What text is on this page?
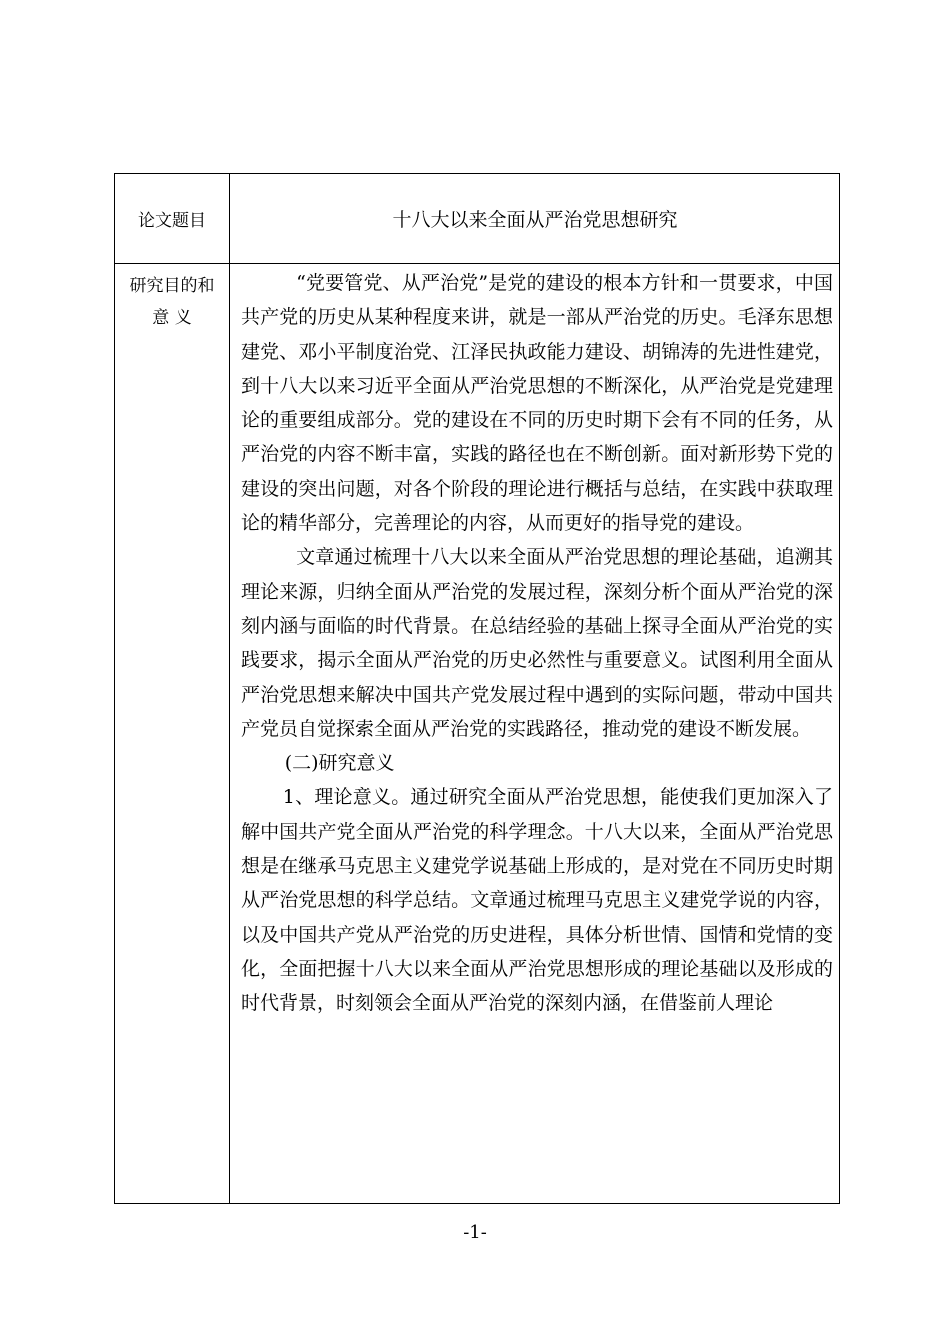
论文题目	十八大以来全面从严治党思想研究
研究目的和
意 义

“党要管党、从严治党”是党的建设的根本方针和一贯要求，中国共产党的历史从某种程度来讲，就是一部从严治党的历史。毛泽东思想建党、邓小平制度治党、江泽民执政能力建设、胡锦涛的先进性建党，到十八大以来习近平全面从严治党思想的不断深化，从严治党是党建理论的重要组成部分。党的建设在不同的历史时期下会有不同的任务，从严治党的内容不断丰富，实践的路径也在不断创新。面对新形势下党的建设的突出问题，对各个阶段的理论进行概括与总结，在实践中获取理论的精华部分，完善理论的内容，从而更好的指导党的建设。

文章通过梳理十八大以来全面从严治党思想的理论基础，追溯其理论来源，归纳全面从严治党的发展过程，深刻分析个面从严治党的深刻内涵与面临的时代背景。在总结经验的基础上探寻全面从严治党的实践要求，揭示全面从严治党的历史必然性与重要意义。试图利用全面从严治党思想来解决中国共产党发展过程中遇到的实际问题，带动中国共产党员自觉探索全面从严治党的实践路径，推动党的建设不断发展。

(二)研究意义

1、理论意义。通过研究全面从严治党思想，能使我们更加深入了解中国共产党全面从严治党的科学理念。十八大以来，全面从严治党思想是在继承马克思主义建党学说基础上形成的，是对党在不同历史时期从严治党思想的科学总结。文章通过梳理马克思主义建党学说的内容，以及中国共产党从严治党的历史进程，具体分析世情、国情和党情的变化，全面把握十八大以来全面从严治党思想形成的理论基础以及形成的时代背景，时刻领会全面从严治党的深刻内涵，在借鉴前人理论

-1-
